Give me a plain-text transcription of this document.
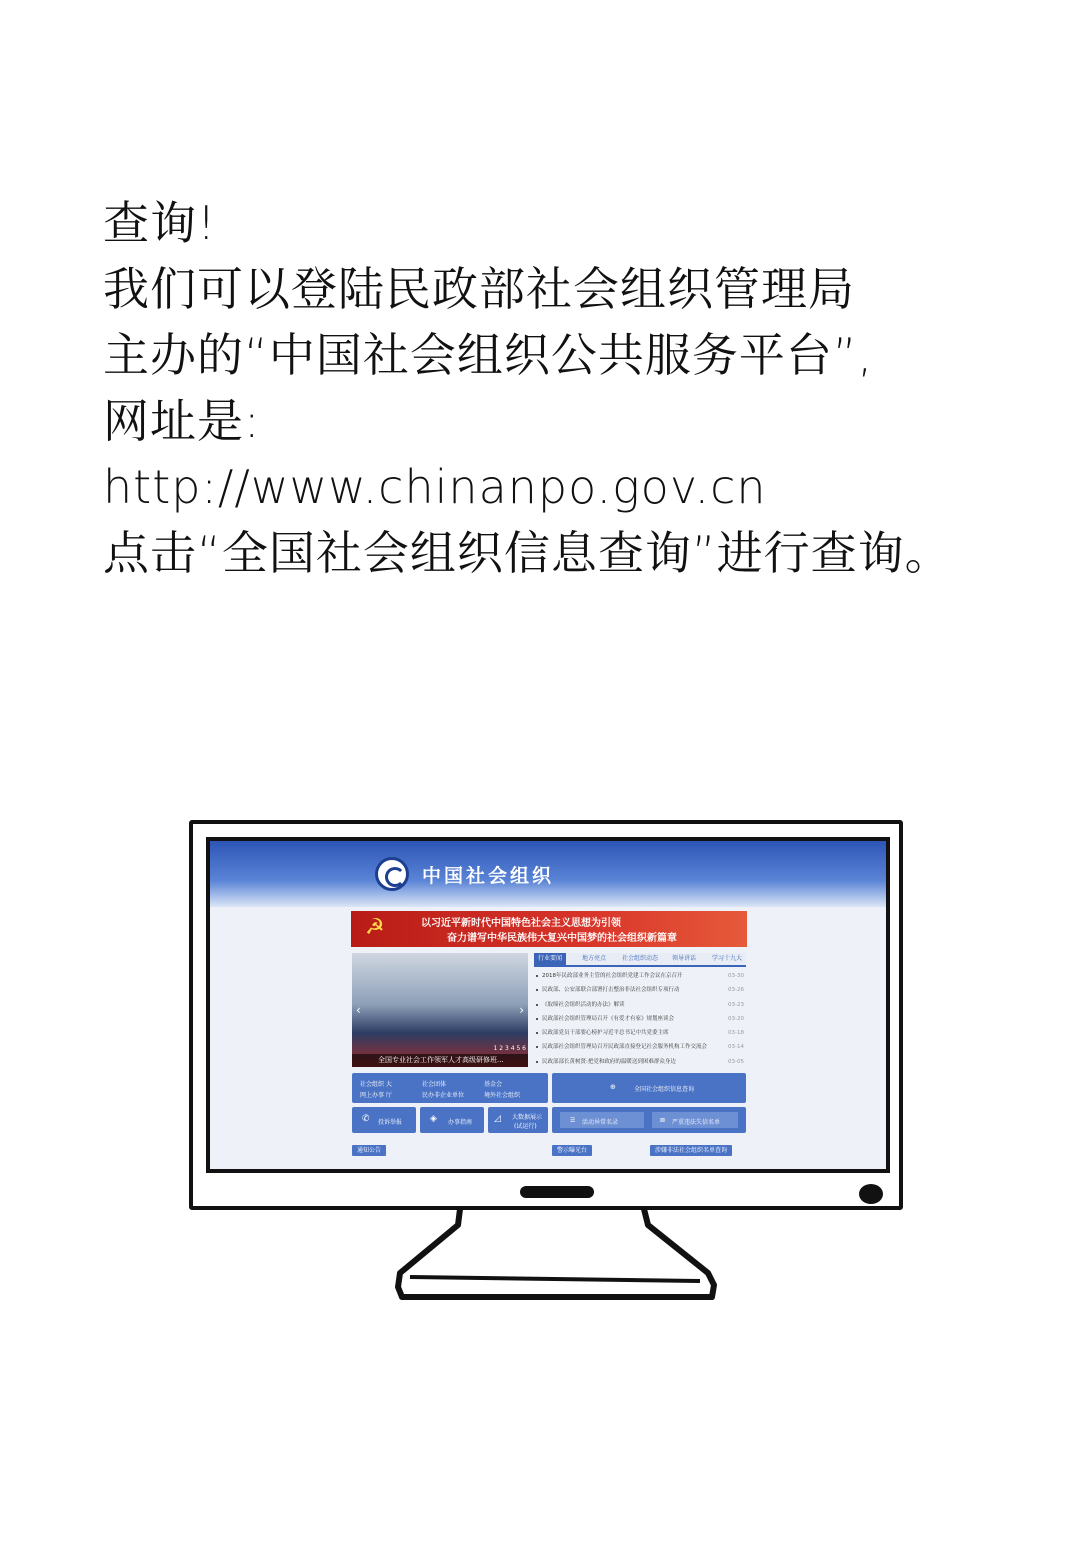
查询!
我们可以登陆民政部社会组织管理局
主办的“中国社会组织公共服务平台”,
网址是:
http://www.chinanpo.gov.cn
点击“全国社会组织信息查询”进行查询。
中国社会组织
☭	以习近平新时代中国特色社会主义思想为引领
奋力谱写中华民族伟大复兴中国梦的社会组织新篇章
‹	›
1 2 3 4 5 6
全国专业社会工作领军人才高级研修班...
行业要闻	地方亮点	社会组织动态 领导讲话	学习十九大
2018年民政部业务主管的社会组织党建工作会议在京召开	03-30
民政部、公安部联合部署打击整治非法社会组织专项行动	03-26
《取缔社会组织活动的办法》解读	03-23
民政部社会组织管理局召开《有爱才有家》规划座谈会	03-20
民政部党员干部要心榜护习近平总书记中共党委主席	03-18
民政部社会组织管理局召开民政部直接登记社会服务机构工作交流会	03-14
民政部部长黄树贤:把党和政府的温暖送到困难群众身边	03-05
社会组织 大
网上办事 厅
社会团体	基金会
民办非企业单位	境外社会组织
⊕	全国社会组织信息查询
✆ 投诉举报	◈ 办事指南 ◿ 大数据展示
(试运行)
☰ 活动异常名录	⊠ 严重违法失信名单
通知公告	警示曝光台	涉嫌非法社会组织名单查询
民政部办公厅关于做好各类困难群众帮扶救助工作的通知	03-30	关于曝光第一批涉嫌非法社会组织名单的公告(名单截至5月30日)	01-16
